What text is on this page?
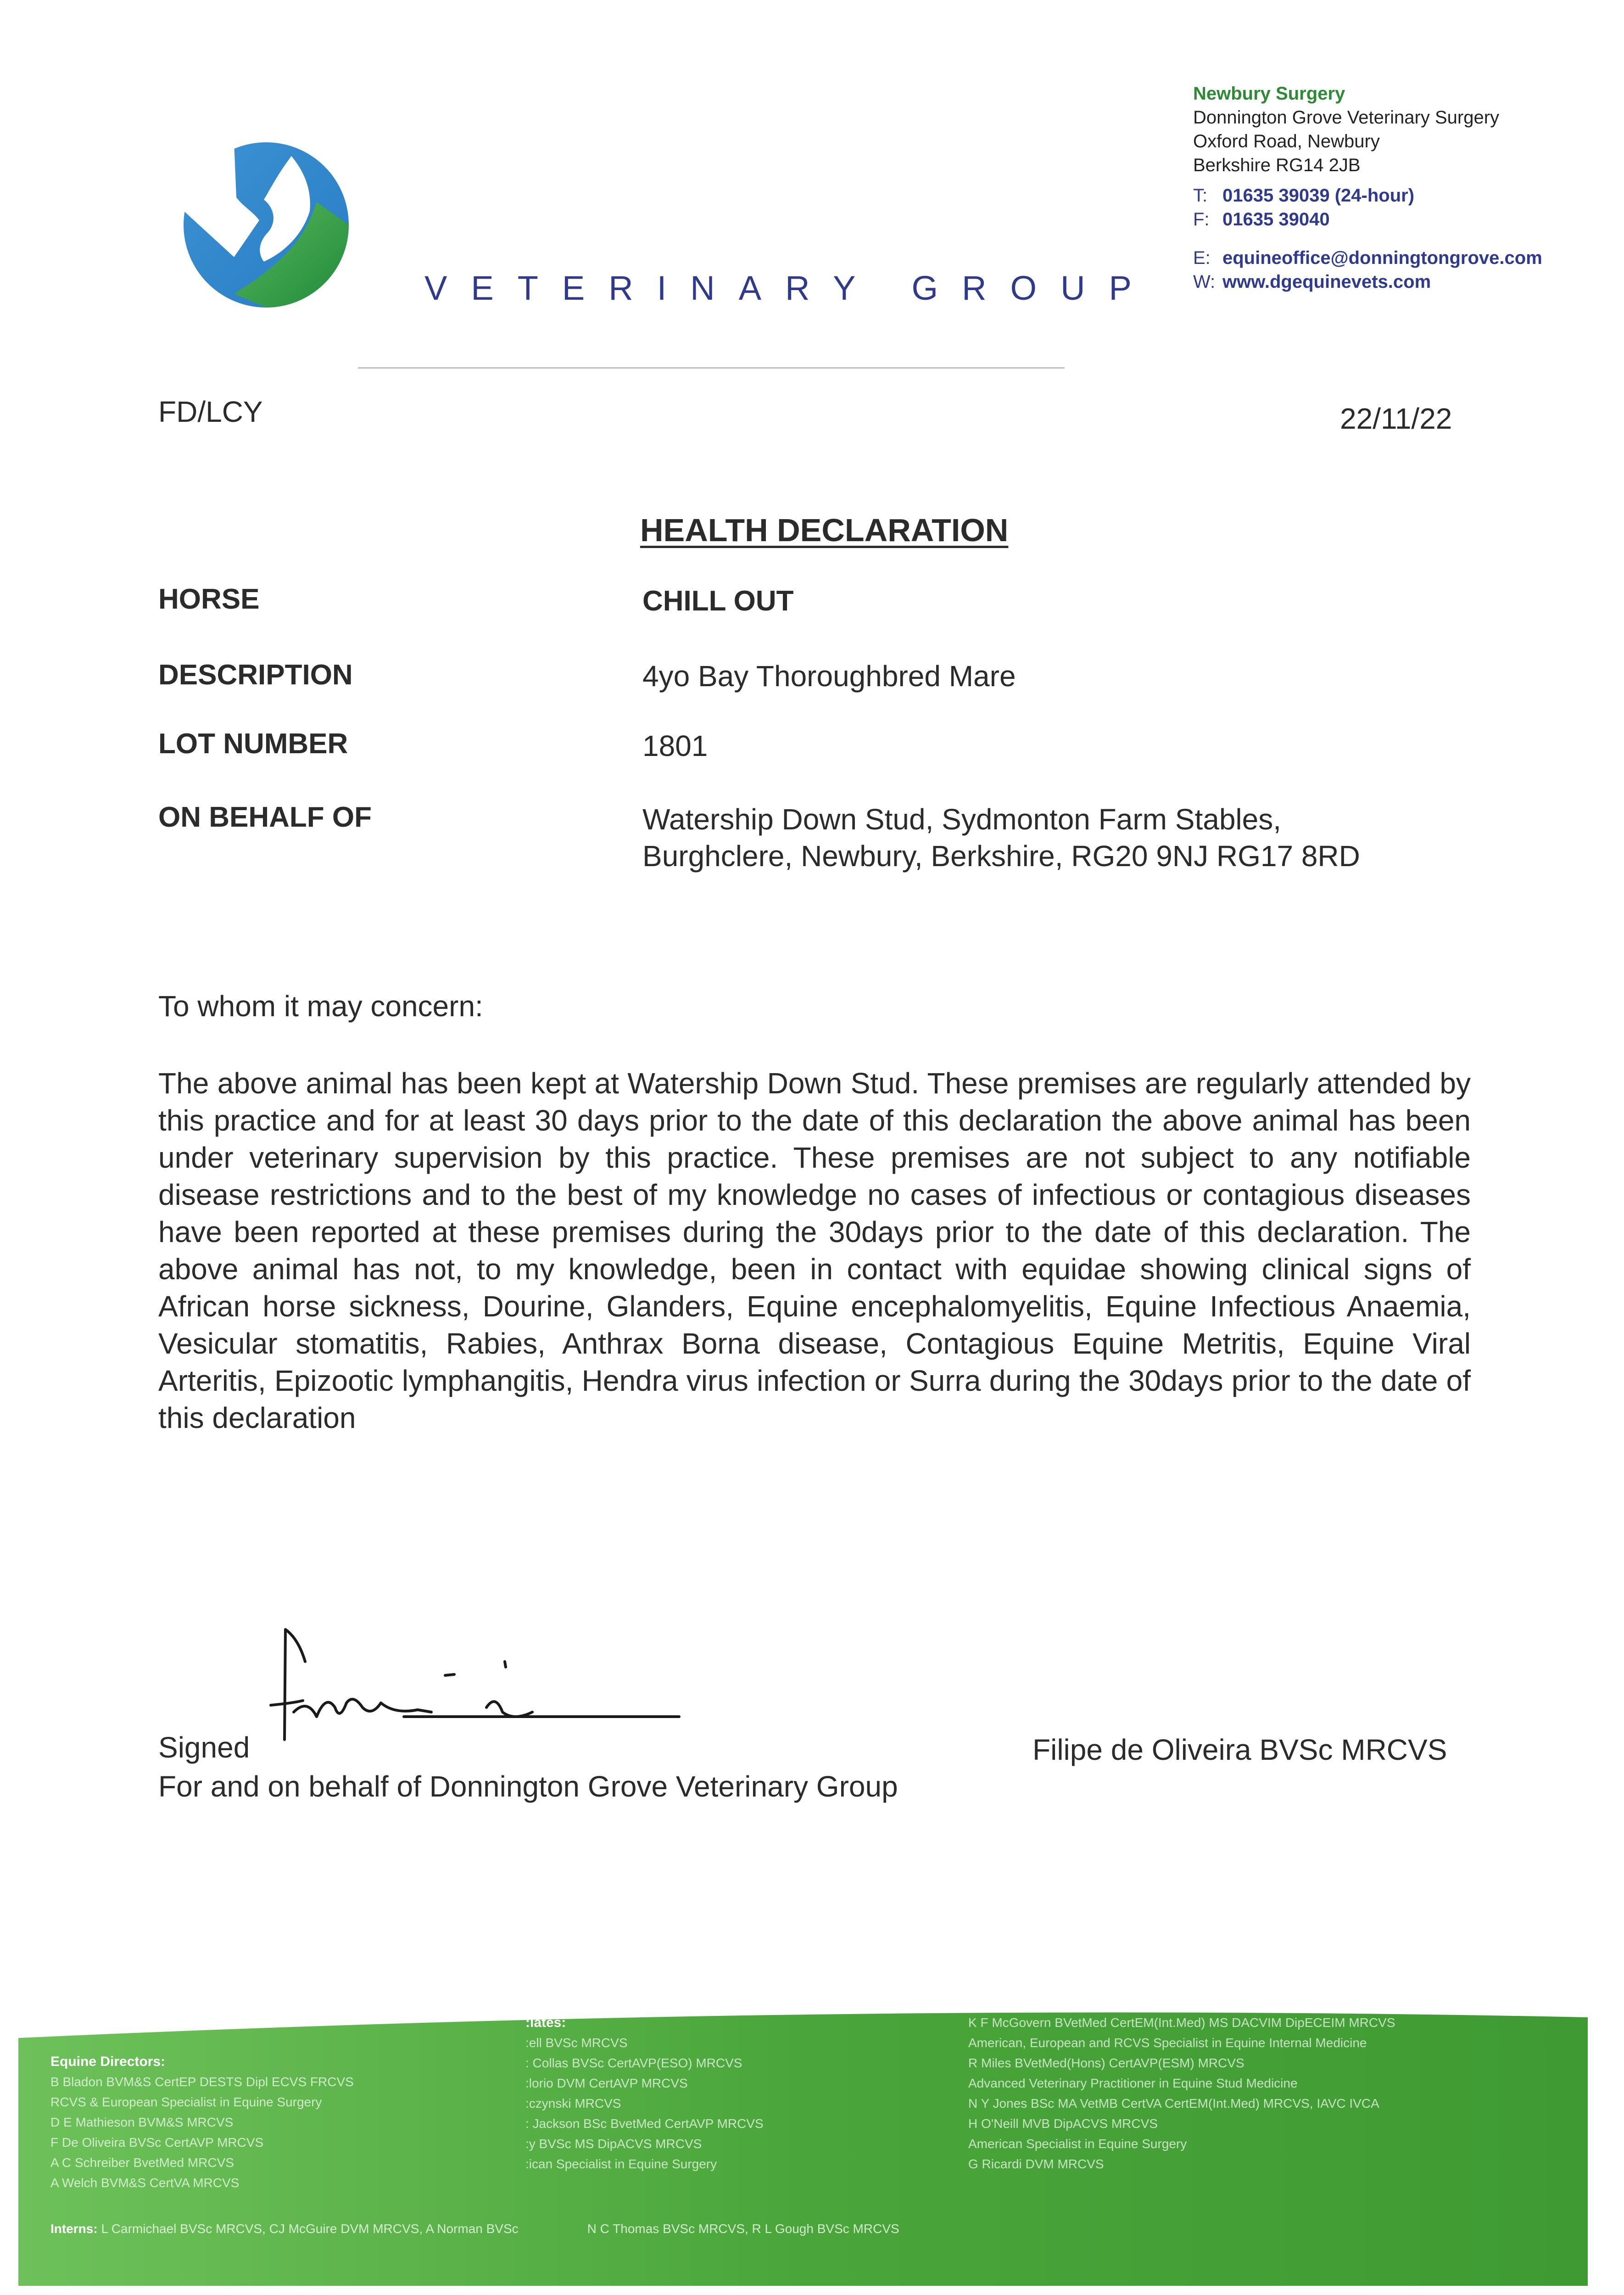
VETERINARY GROUP
Newbury Surgery
Donnington Grove Veterinary Surgery
Oxford Road, Newbury
Berkshire RG14 2JB
T: 01635 39039 (24-hour)
F: 01635 39040
E: equineoffice@donningtongrove.com
W: www.dgequinevets.com
FD/LCY	22/11/22
HEALTH DECLARATION
HORSE	CHILL OUT
DESCRIPTION	4yo Bay Thoroughbred Mare
LOT NUMBER	1801
ON BEHALF OF	Watership Down Stud, Sydmonton Farm Stables,
Burghclere, Newbury, Berkshire, RG20 9NJ RG17 8RD
To whom it may concern:
The above animal has been kept at Watership Down Stud. These premises are regularly attended by this practice and for at least 30 days prior to the date of this declaration the above animal has been under veterinary supervision by this practice. These premises are not subject to any notifiable disease restrictions and to the best of my knowledge no cases of infectious or contagious diseases have been reported at these premises during the 30days prior to the date of this declaration. The above animal has not, to my knowledge, been in contact with equidae showing clinical signs of African horse sickness, Dourine, Glanders, Equine encephalomyelitis, Equine Infectious Anaemia, Vesicular stomatitis, Rabies, Anthrax Borna disease, Contagious Equine Metritis, Equine Viral Arteritis, Epizootic lymphangitis, Hendra virus infection or Surra during the 30days prior to the date of this declaration
Signed
For and on behalf of Donnington Grove Veterinary Group
Filipe de Oliveira BVSc MRCVS
Equine Directors:
B Bladon BVM&S CertEP DESTS Dipl ECVS FRCVS
RCVS & European Specialist in Equine Surgery
D E Mathieson BVM&S MRCVS
F De Oliveira BVSc CertAVP MRCVS
A C Schreiber BvetMed MRCVS
A Welch BVM&S CertVA MRCVS
:iates:
:ell BVSc MRCVS
: Collas BVSc CertAVP(ESO) MRCVS
:lorio DVM CertAVP MRCVS
:czynski MRCVS
: Jackson BSc BvetMed CertAVP MRCVS
:y BVSc MS DipACVS MRCVS
:ican Specialist in Equine Surgery
K F McGovern BVetMed CertEM(Int.Med) MS DACVIM DipECEIM MRCVS
American, European and RCVS Specialist in Equine Internal Medicine
R Miles BVetMed(Hons) CertAVP(ESM) MRCVS
Advanced Veterinary Practitioner in Equine Stud Medicine
N Y Jones BSc MA VetMB CertVA CertEM(Int.Med) MRCVS, IAVC IVCA
H O'Neill MVB DipACVS MRCVS
American Specialist in Equine Surgery
G Ricardi DVM MRCVS
Interns: L Carmichael BVSc MRCVS, CJ McGuire DVM MRCVS, A Norman BVSc	N C Thomas BVSc MRCVS, R L Gough BVSc MRCVS
